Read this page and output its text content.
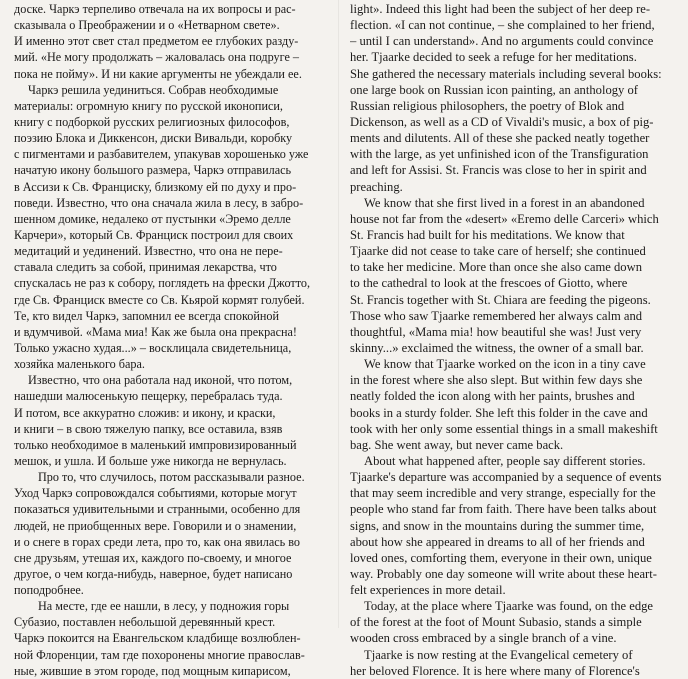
доске. Чаркэ терпеливо отвечала на их вопросы и рас-
сказывала о Преображении и о «Нетварном свете».
И именно этот свет стал предметом ее глубоких разду-
мий. «Не могу продолжать – жаловалась она подруге –
пока не пойму». И ни какие аргументы не убеждали ее.
Чаркэ решила уединиться. Собрав необходимые
материалы: огромную книгу по русской иконописи,
книгу с подборкой русских религиозных философов,
поэзию Блока и Диккенсон, диски Вивальди, коробку
с пигментами и разбавителем, упакував хорошенько уже
начатую икону большого размера, Чаркэ отправилась
в Ассизи к Св. Франциску, близкому ей по духу и про-
поведи. Известно, что она сначала жила в лесу, в забро-
шенном домике, недалеко от пустынки «Эремо делле
Карчери», который Св. Франциск построил для своих
медитаций и уединений. Известно, что она не пере-
ставала следить за собой, принимая лекарства, что
спускалась не раз к собору, поглядеть на фрески Джотто,
где Св. Франциск вместе со Св. Кьярой кормят голубей.
Те, кто видел Чаркэ, запомнил ее всегда спокойной
и вдумчивой. «Мама миа! Как же была она прекрасна!
Только ужасно худая...» – восклицала свидетельница,
хозяйка маленького бара.
Известно, что она работала над иконой, что потом,
нашедши малюсенькую пещерку, перебралась туда.
И потом, все аккуратно сложив: и икону, и краски,
и книги – в свою тяжелую папку, все оставила, взяв
только необходимое в маленький импровизированный
мешок, и ушла. И больше уже никогда не вернулась.
Про то, что случилось, потом рассказывали разное.
Уход Чаркэ сопровождался событиями, которые могут
показаться удивительными и странными, особенно для
людей, не приобщенных вере. Говорили и о знамении,
и о снеге в горах среди лета, про то, как она явилась во
сне друзьям, утешая их, каждого по-своему, и многое
другое, о чем когда-нибудь, наверное, будет написано
поподробнее.
На месте, где ее нашли, в лесу, у подножия горы
Субазио, поставлен небольшой деревянный крест.
Чаркэ покоится на Евангельском кладбище возлюблен-
ной Флоренции, там где похоронены многие православ-
ные, жившие в этом городе, под мощным кипарисом,
light». Indeed this light had been the subject of her deep re-
flection. «I can not continue, – she complained to her friend,
– until I can understand». And no arguments could convince
her. Tjaarke decided to seek a refuge for her meditations.
She gathered the necessary materials including several books:
one large book on Russian icon painting, an anthology of
Russian religious philosophers, the poetry of Blok and
Dickenson, as well as a CD of Vivaldi's music, a box of pig-
ments and dilutents. All of these she packed neatly together
with the large, as yet unfinished icon of the Transfiguration
and left for Assisi. St. Francis was close to her in spirit and
preaching.
We know that she first lived in a forest in an abandoned
house not far from the «desert» «Eremo delle Carceri» which
St. Francis had built for his meditations. We know that
Tjaarke did not cease to take care of herself; she continued
to take her medicine. More than once she also came down
to the cathedral to look at the frescoes of Giotto, where
St. Francis together with St. Chiara are feeding the pigeons.
Those who saw Tjaarke remembered her always calm and
thoughtful, «Mama mia! how beautiful she was! Just very
skinny...» exclaimed the witness, the owner of a small bar.
We know that Tjaarke worked on the icon in a tiny cave
in the forest where she also slept. But within few days she
neatly folded the icon along with her paints, brushes and
books in a sturdy folder. She left this folder in the cave and
took with her only some essential things in a small makeshift
bag. She went away, but never came back.
About what happened after, people say different stories.
Tjaarke's departure was accompanied by a sequence of events
that may seem incredible and very strange, especially for the
people who stand far from faith. There have been talks about
signs, and snow in the mountains during the summer time,
about how she appeared in dreams to all of her friends and
loved ones, comforting them, everyone in their own, unique
way. Probably one day someone will write about these heart-
felt experiences in more detail.
Today, at the place where Tjaarke was found, on the edge
of the forest at the foot of Mount Subasio, stands a simple
wooden cross embraced by a single branch of a vine.
Tjaarke is now resting at the Evangelical cemetery of
her beloved Florence. It is here where many of Florence's
